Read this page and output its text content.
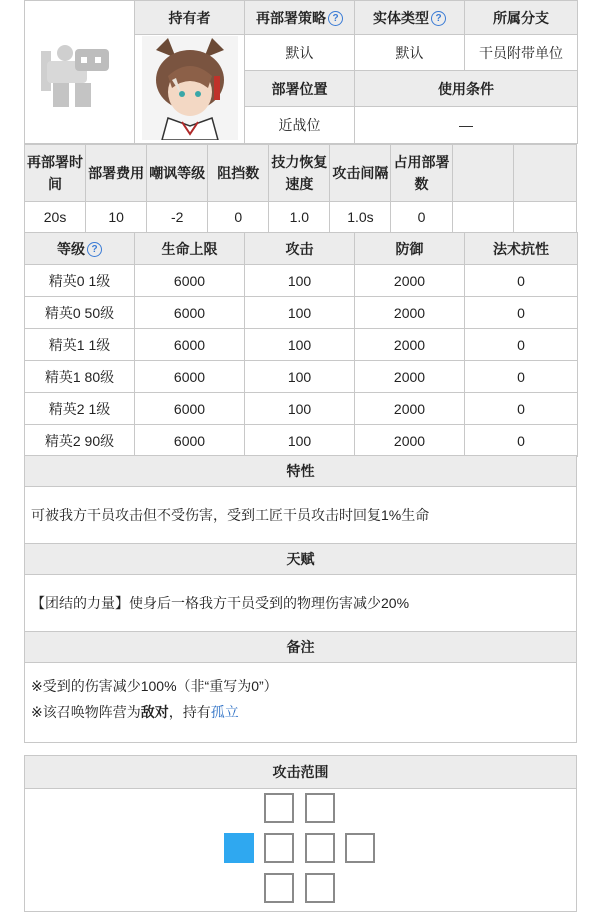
	持有者	再部署策略 ?	实体类型 ?	所属分支
	默认	默认	干员附带单位
		部署位置	使用条件	
		近战位	—	
再部署时间	部署费用	嘲讽等级	阻挡数	技力恢复速度	攻击间隔	占用部署数		
20s	10	-2	0	1.0	1.0s	0		
等级 ?	生命上限	攻击	防御	法术抗性
精英0 1级	6000	100	2000	0
精英0 50级	6000	100	2000	0
精英1 1级	6000	100	2000	0
精英1 80级	6000	100	2000	0
精英2 1级	6000	100	2000	0
精英2 90级	6000	100	2000	0
特性
可被我方干员攻击但不受伤害，受到工匠干员攻击时回复1%生命
天赋
【团结的力量】使身后一格我方干员受到的物理伤害减少20%
备注
※受到的伤害减少100%（非“重写为0”）
※该召唤物阵营为敌对，持有孤立
攻击范围
